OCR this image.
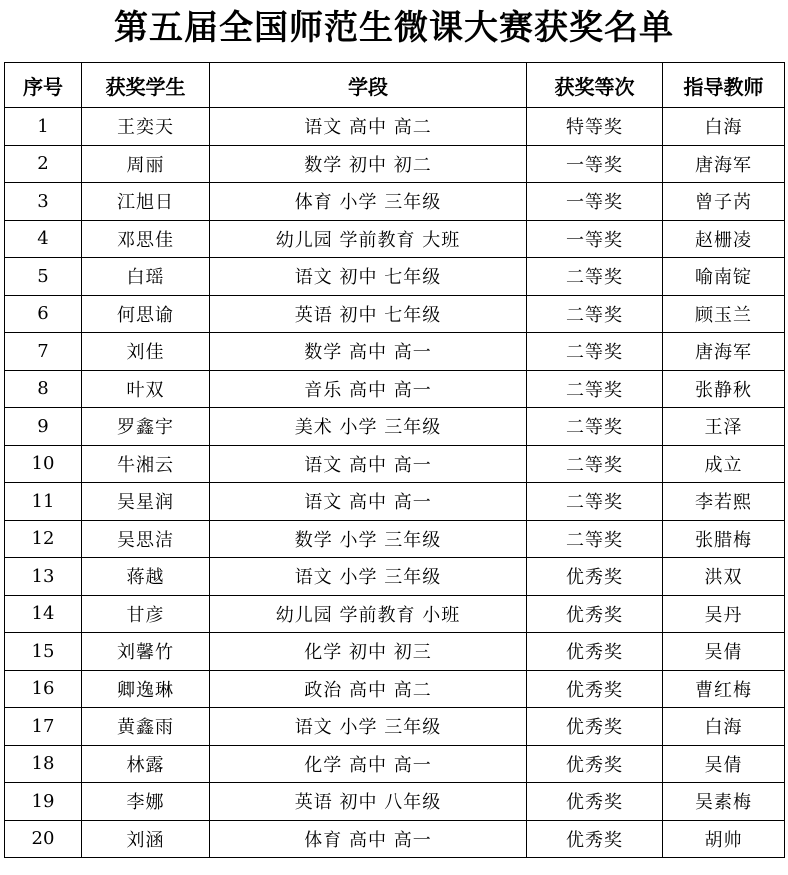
第五届全国师范生微课大赛获奖名单
序号	获奖学生	学段	获奖等次	指导教师
1	王奕天	语文 高中 高二	特等奖	白海
2	周丽	数学 初中 初二	一等奖	唐海军
3	江旭日	体育 小学 三年级	一等奖	曾子芮
4	邓思佳	幼儿园 学前教育 大班	一等奖	赵栅凌
5	白瑶	语文 初中 七年级	二等奖	喻南锭
6	何思谕	英语 初中 七年级	二等奖	顾玉兰
7	刘佳	数学 高中 高一	二等奖	唐海军
8	叶双	音乐 高中 高一	二等奖	张静秋
9	罗鑫宇	美术 小学 三年级	二等奖	王泽
10	牛湘云	语文 高中 高一	二等奖	成立
11	吴星润	语文 高中 高一	二等奖	李若熙
12	吴思洁	数学 小学 三年级	二等奖	张腊梅
13	蒋越	语文 小学 三年级	优秀奖	洪双
14	甘彦	幼儿园 学前教育 小班	优秀奖	吴丹
15	刘馨竹	化学 初中 初三	优秀奖	吴倩
16	卿逸琳	政治 高中 高二	优秀奖	曹红梅
17	黄鑫雨	语文 小学 三年级	优秀奖	白海
18	林露	化学 高中 高一	优秀奖	吴倩
19	李娜	英语 初中 八年级	优秀奖	吴素梅
20	刘涵	体育 高中 高一	优秀奖	胡帅
